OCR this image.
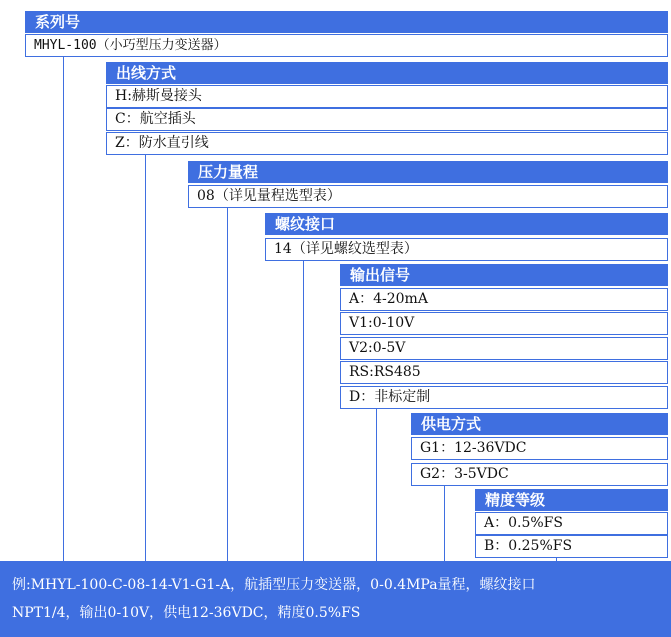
系列号
MHYL-100（小巧型压力变送器）
出线方式
H:赫斯曼接头
C：航空插头
Z：防水直引线
压力量程
08（详见量程选型表）
螺纹接口
14（详见螺纹选型表）
输出信号
A：4-20mA
V1:0-10V
V2:0-5V
RS:RS485
D：非标定制
供电方式
G1：12-36VDC
G2：3-5VDC
精度等级
A：0.5%FS
B：0.25%FS
例:MHYL-100-C-08-14-V1-G1-A，航插型压力变送器，0-0.4MPa量程，螺纹接口
NPT1/4，输出0-10V，供电12-36VDC，精度0.5%FS
